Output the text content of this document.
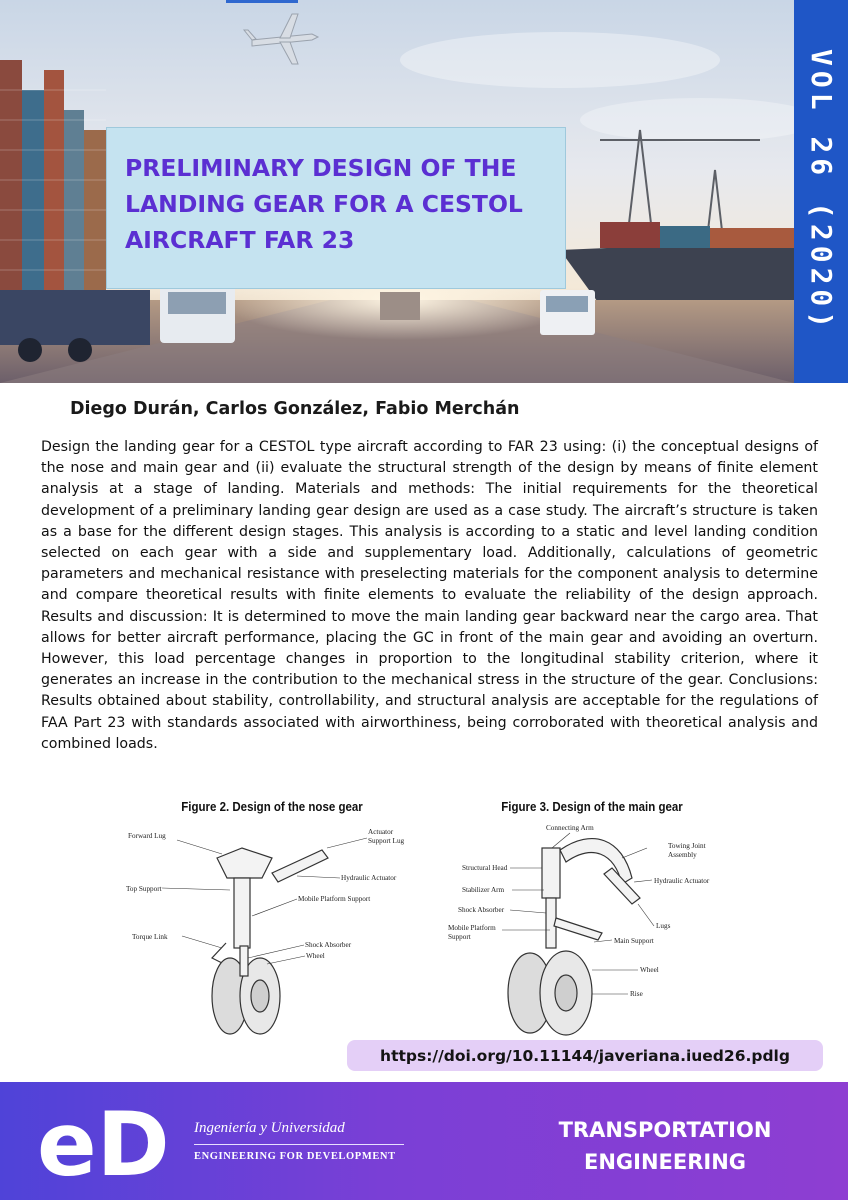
PRELIMINARY DESIGN OF THE LANDING GEAR FOR A CESTOL AIRCRAFT FAR 23	VOL 26 (2020)

Diego Durán, Carlos González, Fabio Merchán

Design the landing gear for a CESTOL type aircraft according to FAR 23 using: (i) the conceptual designs of the nose and main gear and (ii) evaluate the structural strength of the design by means of finite element analysis at a stage of landing. Materials and methods: The initial requirements for the theoretical development of a preliminary landing gear design are used as a case study. The aircraft’s structure is taken as a base for the different design stages. This analysis is according to a static and level landing condition selected on each gear with a side and supplementary load. Additionally, calculations of geometric parameters and mechanical resistance with preselecting materials for the component analysis to determine and compare theoretical results with finite elements to evaluate the reliability of the design approach. Results and discussion: It is determined to move the main landing gear backward near the cargo area. That allows for better aircraft performance, placing the GC in front of the main gear and avoiding an overturn. However, this load percentage changes in proportion to the longitudinal stability criterion, where it generates an increase in the contribution to the mechanical stress in the structure of the gear. Conclusions: Results obtained about stability, controllability, and structural analysis are acceptable for the regulations of FAA Part 23 with standards associated with airworthiness, being corroborated with theoretical analysis and combined loads.

Figure 2. Design of the nose gear

Forward Lug	Actuator
Support Lug
Top Support
Hydraulic Actuator
Mobile Platform Support
Torque Link
Shock Absorber
Wheel

Figure 3. Design of the main gear

Connecting Arm
Towing Joint
Assembly
Structural Head
Hydraulic Actuator
Stabilizer Arm
Shock Absorber
Lugs
Mobile Platform
Support	Main Support
Wheel
Rise
https://doi.org/10.11144/javeriana.iued26.pdlg
eD Ingeniería y Universidad

ENGINEERING FOR DEVELOPMENT

TRANSPORTATION ENGINEERING
